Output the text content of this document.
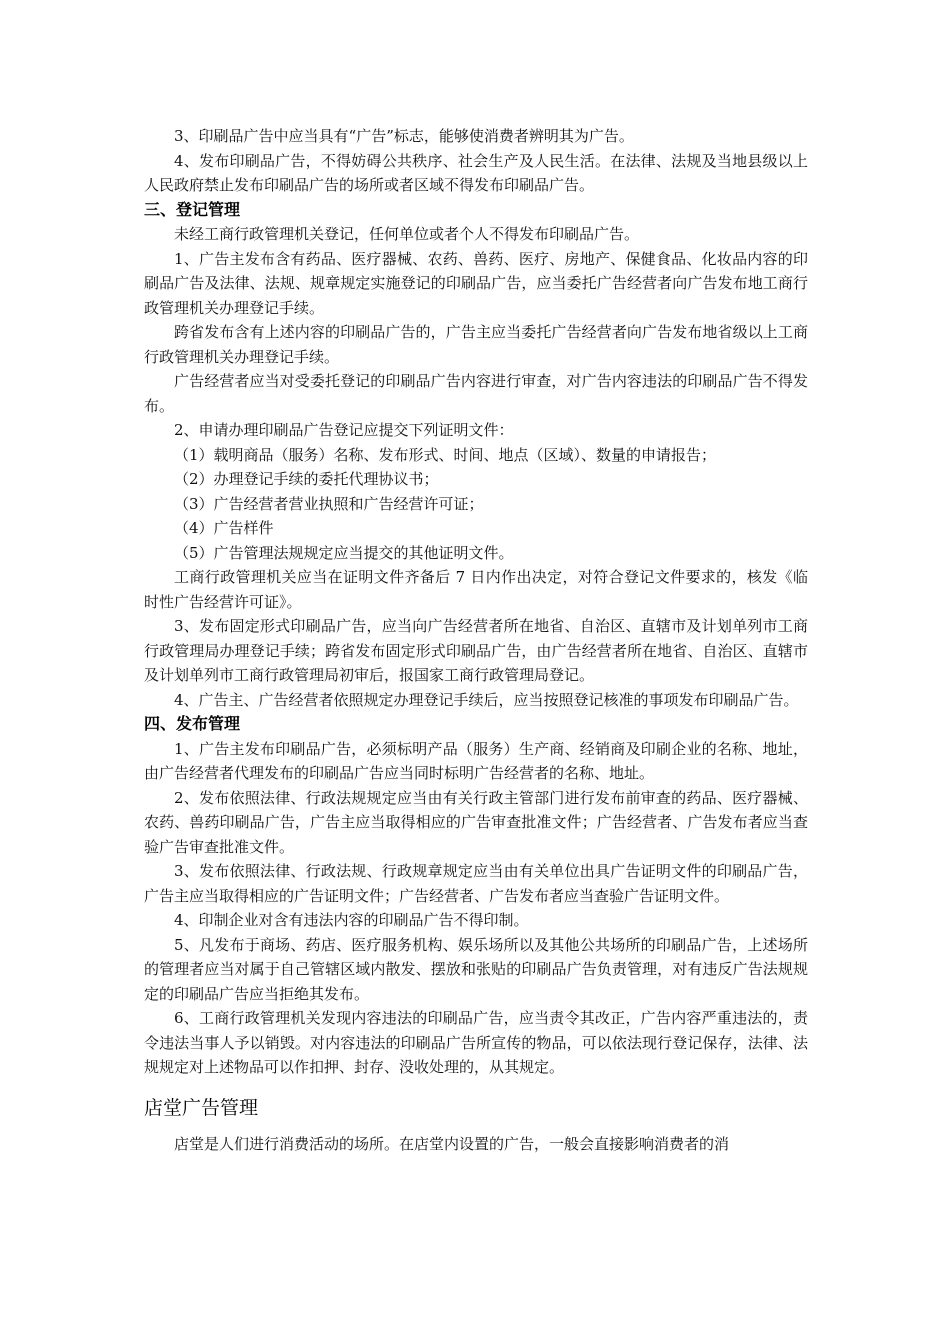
3、印刷品广告中应当具有“广告”标志，能够使消费者辨明其为广告。

4、发布印刷品广告，不得妨碍公共秩序、社会生产及人民生活。在法律、法规及当地县级以上人民政府禁止发布印刷品广告的场所或者区域不得发布印刷品广告。

三、登记管理

未经工商行政管理机关登记，任何单位或者个人不得发布印刷品广告。

1、广告主发布含有药品、医疗器械、农药、兽药、医疗、房地产、保健食品、化妆品内容的印刷品广告及法律、法规、规章规定实施登记的印刷品广告，应当委托广告经营者向广告发布地工商行政管理机关办理登记手续。

跨省发布含有上述内容的印刷品广告的，广告主应当委托广告经营者向广告发布地省级以上工商行政管理机关办理登记手续。

广告经营者应当对受委托登记的印刷品广告内容进行审查，对广告内容违法的印刷品广告不得发布。

2、申请办理印刷品广告登记应提交下列证明文件：

（1）载明商品（服务）名称、发布形式、时间、地点（区域）、数量的申请报告；

（2）办理登记手续的委托代理协议书；

（3）广告经营者营业执照和广告经营许可证；

（4）广告样件

（5）广告管理法规规定应当提交的其他证明文件。

工商行政管理机关应当在证明文件齐备后 7 日内作出决定，对符合登记文件要求的，核发《临时性广告经营许可证》。

3、发布固定形式印刷品广告，应当向广告经营者所在地省、自治区、直辖市及计划单列市工商行政管理局办理登记手续；跨省发布固定形式印刷品广告，由广告经营者所在地省、自治区、直辖市及计划单列市工商行政管理局初审后，报国家工商行政管理局登记。

4、广告主、广告经营者依照规定办理登记手续后，应当按照登记核准的事项发布印刷品广告。

四、发布管理

1、广告主发布印刷品广告，必须标明产品（服务）生产商、经销商及印刷企业的名称、地址，由广告经营者代理发布的印刷品广告应当同时标明广告经营者的名称、地址。

2、发布依照法律、行政法规规定应当由有关行政主管部门进行发布前审查的药品、医疗器械、农药、兽药印刷品广告，广告主应当取得相应的广告审查批准文件；广告经营者、广告发布者应当查验广告审查批准文件。

3、发布依照法律、行政法规、行政规章规定应当由有关单位出具广告证明文件的印刷品广告，广告主应当取得相应的广告证明文件；广告经营者、广告发布者应当查验广告证明文件。

4、印制企业对含有违法内容的印刷品广告不得印制。

5、凡发布于商场、药店、医疗服务机构、娱乐场所以及其他公共场所的印刷品广告，上述场所的管理者应当对属于自己管辖区域内散发、摆放和张贴的印刷品广告负责管理，对有违反广告法规规定的印刷品广告应当拒绝其发布。

6、工商行政管理机关发现内容违法的印刷品广告，应当责令其改正，广告内容严重违法的，责令违法当事人予以销毁。对内容违法的印刷品广告所宣传的物品，可以依法现行登记保存，法律、法规规定对上述物品可以作扣押、封存、没收处理的，从其规定。

店堂广告管理

店堂是人们进行消费活动的场所。在店堂内设置的广告，一般会直接影响消费者的消
